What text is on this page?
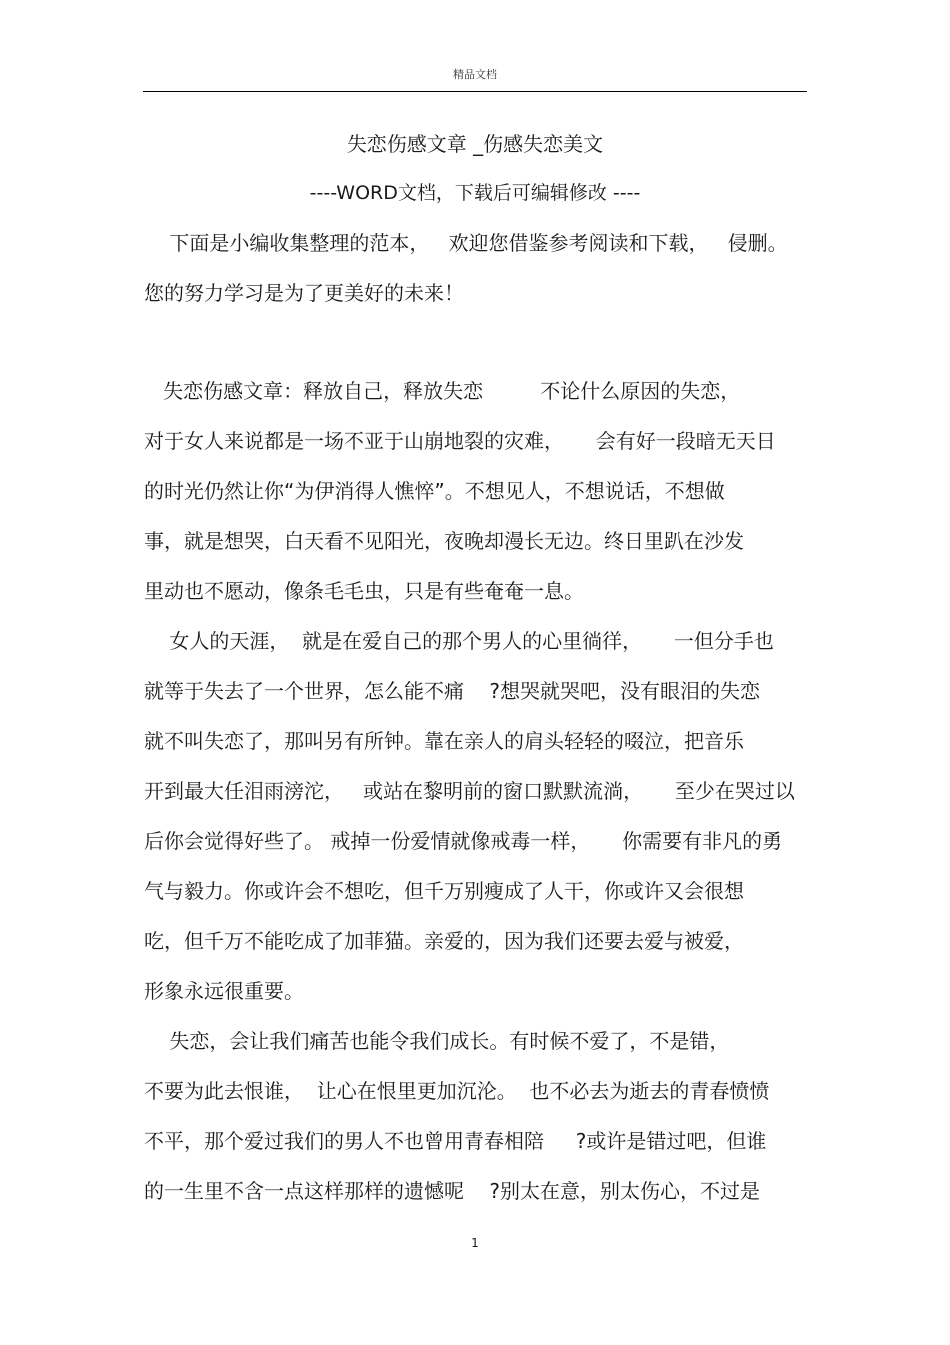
精品文档
失恋伤感文章 _伤感失恋美文
----WORD文档，下载后可编辑修改 ----
下面是小编收集整理的范本，   欢迎您借鉴参考阅读和下载，   侵删。
您的努力学习是为了更美好的未来！
失恋伤感文章：释放自己，释放失恋         不论什么原因的失恋，
对于女人来说都是一场不亚于山崩地裂的灾难，     会有好一段暗无天日
的时光仍然让你“为伊消得人憔悴”。不想见人，不想说话，不想做
事，就是想哭，白天看不见阳光，夜晚却漫长无边。终日里趴在沙发
里动也不愿动，像条毛毛虫，只是有些奄奄一息。
女人的天涯，  就是在爱自己的那个男人的心里徜徉，     一但分手也
就等于失去了一个世界，怎么能不痛    ?想哭就哭吧，没有眼泪的失恋
就不叫失恋了，那叫另有所钟。靠在亲人的肩头轻轻的啜泣，把音乐
开到最大任泪雨滂沱，   或站在黎明前的窗口默默流淌，     至少在哭过以
后你会觉得好些了。 戒掉一份爱情就像戒毒一样，     你需要有非凡的勇
气与毅力。你或许会不想吃，但千万别瘦成了人干，你或许又会很想
吃，但千万不能吃成了加菲猫。亲爱的，因为我们还要去爱与被爱，
形象永远很重要。
失恋，会让我们痛苦也能令我们成长。有时候不爱了，不是错，
不要为此去恨谁，  让心在恨里更加沉沦。  也不必去为逝去的青春愤愤
不平，那个爱过我们的男人不也曾用青春相陪     ?或许是错过吧，但谁
的一生里不含一点这样那样的遗憾呢    ?别太在意，别太伤心，不过是
1
